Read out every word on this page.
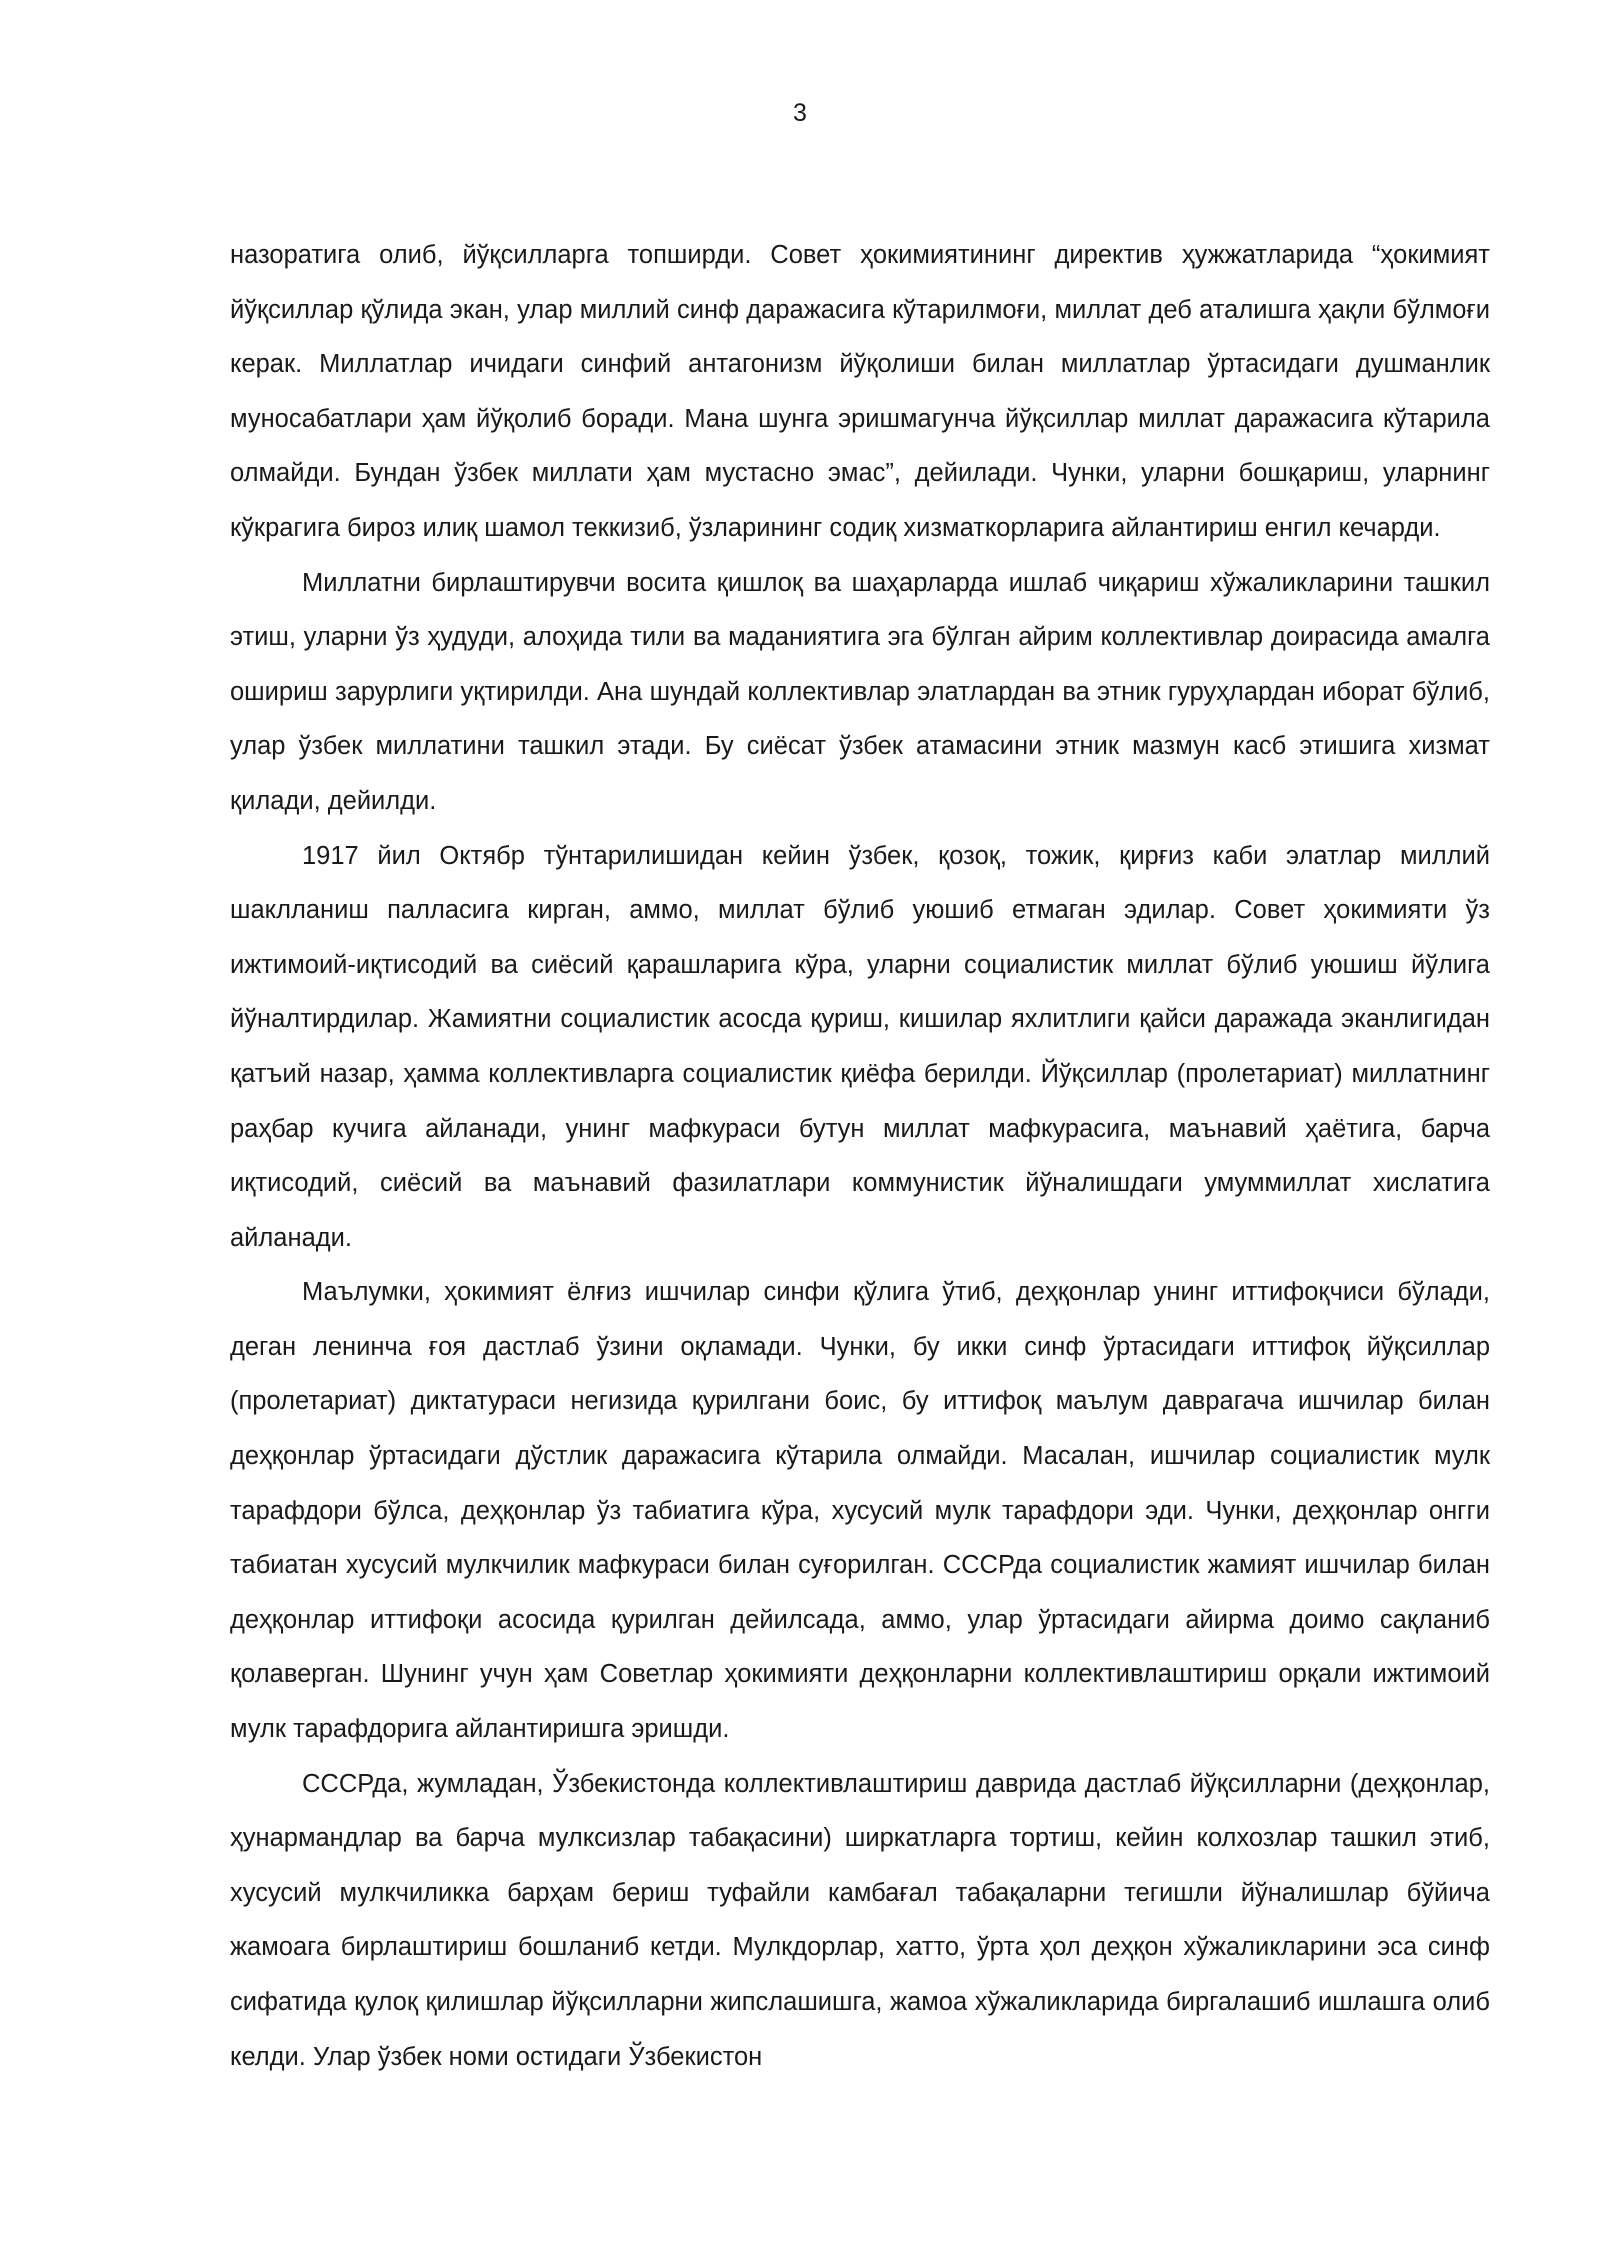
3

назоратига олиб, йўқсилларга топширди. Совет ҳокимиятининг директив ҳужжатларида “ҳокимият йўқсиллар қўлида экан, улар миллий синф даражасига кўтарилмоғи, миллат деб аталишга ҳақли бўлмоғи керак. Миллатлар ичидаги синфий антагонизм йўқолиши билан миллатлар ўртасидаги душманлик муносабатлари ҳам йўқолиб боради. Мана шунга эришмагунча йўқсиллар миллат даражасига кўтарила олмайди. Бундан ўзбек миллати ҳам мустасно эмас”, дейилади. Чунки, уларни бошқариш, уларнинг кўкрагига бироз илиқ шамол теккизиб, ўзларининг содиқ хизматкорларига айлантириш енгил кечарди.

Миллатни бирлаштирувчи восита қишлоқ ва шаҳарларда ишлаб чиқариш хўжаликларини ташкил этиш, уларни ўз ҳудуди, алоҳида тили ва маданиятига эга бўлган айрим коллективлар доирасида амалга ошириш зарурлиги уқтирилди. Ана шундай коллективлар элатлардан ва этник гуруҳлардан иборат бўлиб, улар ўзбек миллатини ташкил этади. Бу сиёсат ўзбек атамасини этник мазмун касб этишига хизмат қилади, дейилди.

1917 йил Октябр тўнтарилишидан кейин ўзбек, қозоқ, тожик, қирғиз каби элатлар миллий шаклланиш палласига кирган, аммо, миллат бўлиб уюшиб етмаган эдилар. Совет ҳокимияти ўз ижтимоий-иқтисодий ва сиёсий қарашларига кўра, уларни социалистик миллат бўлиб уюшиш йўлига йўналтирдилар. Жамиятни социалистик асосда қуриш, кишилар яхлитлиги қайси даражада эканлигидан қатъий назар, ҳамма коллективларга социалистик қиёфа берилди. Йўқсиллар (пролетариат) миллатнинг раҳбар кучига айланади, унинг мафкураси бутун миллат мафкурасига, маънавий ҳаётига, барча иқтисодий, сиёсий ва маънавий фазилатлари коммунистик йўналишдаги умуммиллат хислатига айланади.

Маълумки, ҳокимият ёлғиз ишчилар синфи қўлига ўтиб, деҳқонлар унинг иттифоқчиси бўлади, деган ленинча ғоя дастлаб ўзини оқламади. Чунки, бу икки синф ўртасидаги иттифоқ йўқсиллар (пролетариат) диктатураси негизида қурилгани боис, бу иттифоқ маълум даврагача ишчилар билан деҳқонлар ўртасидаги дўстлик даражасига кўтарила олмайди. Масалан, ишчилар социалистик мулк тарафдори бўлса, деҳқонлар ўз табиатига кўра, хусусий мулк тарафдори эди. Чунки, деҳқонлар онгги табиатан хусусий мулкчилик мафкураси билан суғорилган. СССРда социалистик жамият ишчилар билан деҳқонлар иттифоқи асосида қурилган дейилсада, аммо, улар ўртасидаги айирма доимо сақланиб қолаверган. Шунинг учун ҳам Советлар ҳокимияти деҳқонларни коллективлаштириш орқали ижтимоий мулк тарафдорига айлантиришга эришди.

СССРда, жумладан, Ўзбекистонда коллективлаштириш даврида дастлаб йўқсилларни (деҳқонлар, ҳунармандлар ва барча мулксизлар табақасини) ширкатларга тортиш, кейин колхозлар ташкил этиб, хусусий мулкчиликка барҳам бериш туфайли камбағал табақаларни тегишли йўналишлар бўйича жамоага бирлаштириш бошланиб кетди. Мулкдорлар, хатто, ўрта ҳол деҳқон хўжаликларини эса синф сифатида қулоқ қилишлар йўқсилларни жипслашишга, жамоа хўжаликларида биргалашиб ишлашга олиб келди. Улар ўзбек номи остидаги Ўзбекистон
